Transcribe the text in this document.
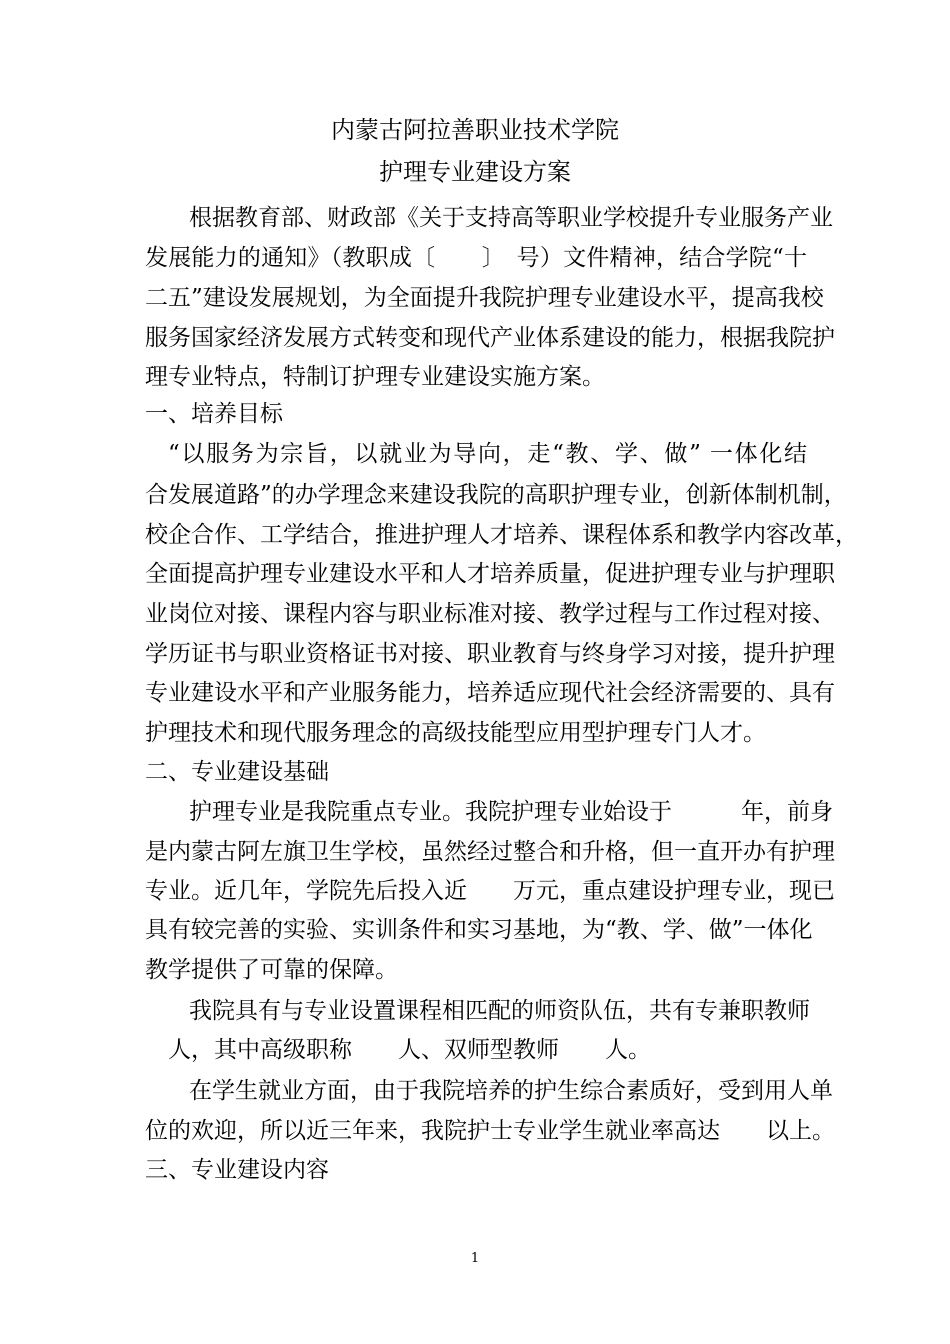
内蒙古阿拉善职业技术学院
护理专业建设方案
根据教育部、财政部《关于支持高等职业学校提升专业服务产业
发展能力的通知》（教职成〔　　〕　号）文件精神，结合学院“十
二五”建设发展规划，为全面提升我院护理专业建设水平，提高我校
服务国家经济发展方式转变和现代产业体系建设的能力，根据我院护
理专业特点，特制订护理专业建设实施方案。
一、培养目标
“以服务为宗旨，以就业为导向，走“教、学、做” 一体化结
合发展道路”的办学理念来建设我院的高职护理专业，创新体制机制，
校企合作、工学结合，推进护理人才培养、课程体系和教学内容改革，
全面提高护理专业建设水平和人才培养质量，促进护理专业与护理职
业岗位对接、课程内容与职业标准对接、教学过程与工作过程对接、
学历证书与职业资格证书对接、职业教育与终身学习对接，提升护理
专业建设水平和产业服务能力，培养适应现代社会经济需要的、具有
护理技术和现代服务理念的高级技能型应用型护理专门人才。
二、专业建设基础
护理专业是我院重点专业。我院护理专业始设于　　　年，前身
是内蒙古阿左旗卫生学校，虽然经过整合和升格，但一直开办有护理
专业。近几年，学院先后投入近　　万元，重点建设护理专业，现已
具有较完善的实验、实训条件和实习基地，为“教、学、做”一体化
教学提供了可靠的保障。
我院具有与专业设置课程相匹配的师资队伍，共有专兼职教师
人，其中高级职称　　人、双师型教师　　人。
在学生就业方面，由于我院培养的护生综合素质好，受到用人单
位的欢迎，所以近三年来，我院护士专业学生就业率高达　　以上。
三、专业建设内容
1
